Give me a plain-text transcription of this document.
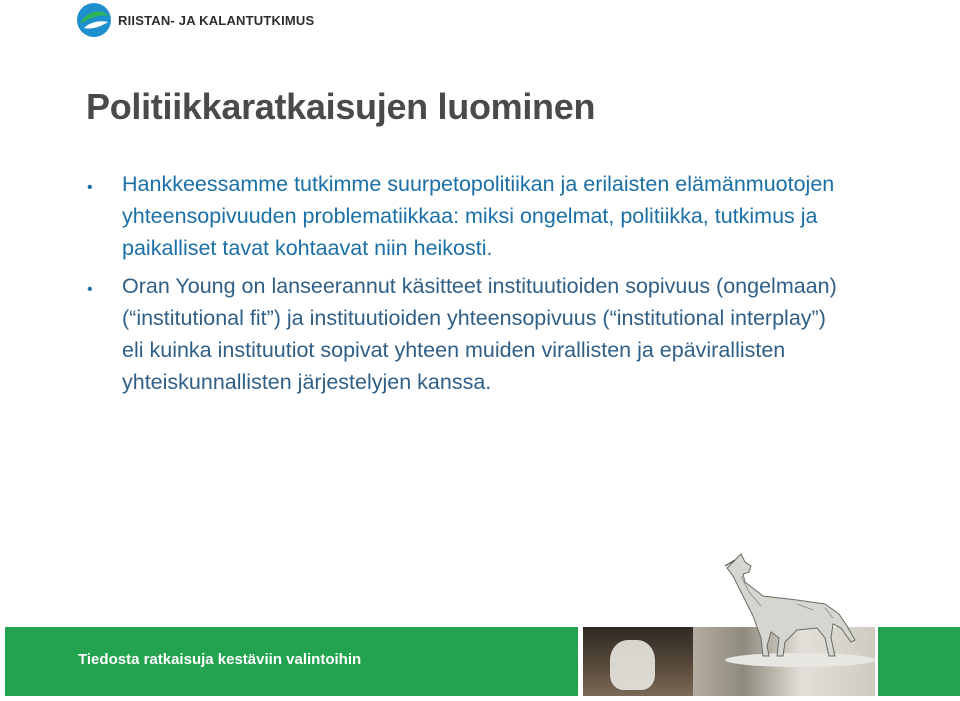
RIISTAN- JA KALANTUTKIMUS
Politiikkaratkaisujen luominen
• Hankkeessamme tutkimme suurpetopolitiikan ja erilaisten elämänmuotojen yhteensopivuuden problematiikkaa: miksi ongelmat, politiikka, tutkimus ja paikalliset tavat kohtaavat niin heikosti.
• Oran Young on lanseerannut käsitteet instituutioiden sopivuus (ongelmaan) (“institutional fit”) ja instituutioiden yhteensopivuus (“institutional interplay”) eli kuinka instituutiot sopivat yhteen muiden virallisten ja epävirallisten yhteiskunnallisten järjestelyjen kanssa.
Tiedosta ratkaisuja kestäviin valintoihin
